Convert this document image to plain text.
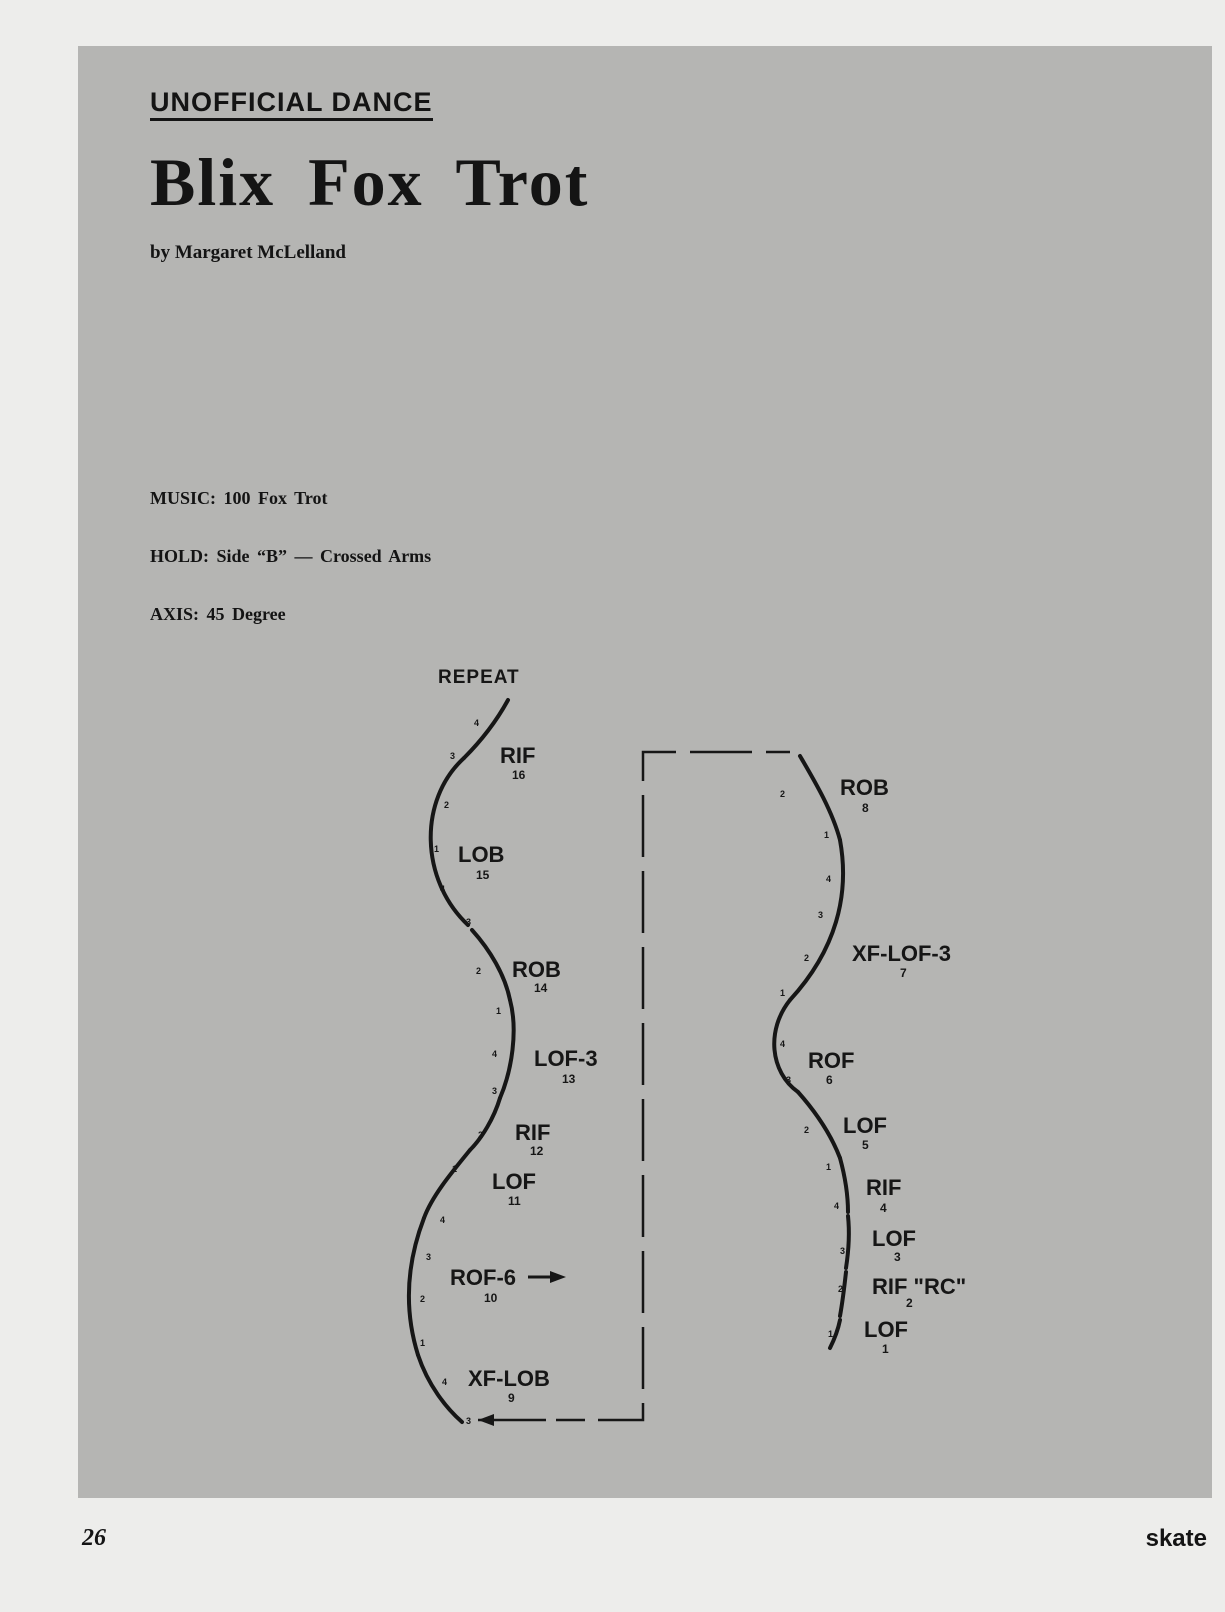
UNOFFICIAL DANCE
Blix Fox Trot
by Margaret McLelland
MUSIC: 100 Fox Trot
HOLD: Side “B” — Crossed Arms
AXIS: 45 Degree
REPEAT
LOF
1
RIF "RC"
2
LOF
3
RIF
4
LOF
5
ROF
6
XF-LOF-3
7
ROB
8
XF-LOB
9
ROF-6
10
LOF
11
RIF
12
LOF-3
13
ROB
14
LOB
15
RIF
16
4
3
2
1
4
3
2
1
4
3
2
1
4
3
2
1
4
3
2
1
4
3
2
1
4
3
2
1
4
3
2
1
26	skate
